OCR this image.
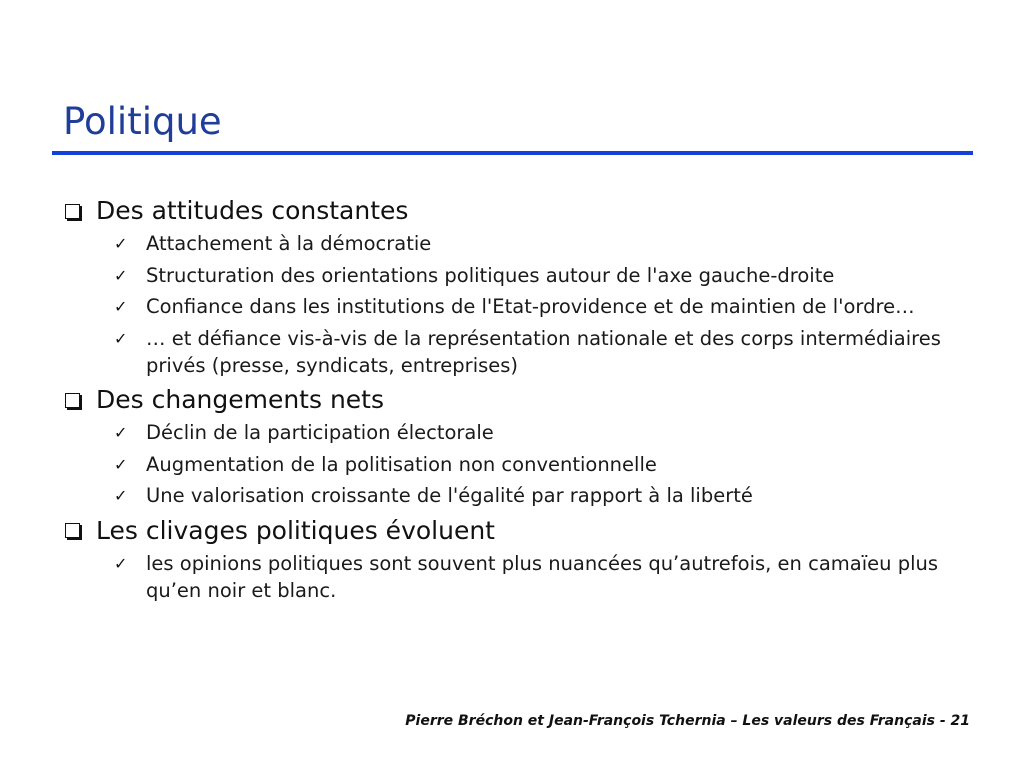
Politique
Des attitudes constantes
✓ Attachement à la démocratie
✓ Structuration des orientations politiques autour de l'axe gauche-droite
✓ Confiance dans les institutions de l'Etat-providence et de maintien de l'ordre…
✓ … et défiance vis-à-vis de la représentation nationale et des corps intermédiaires privés (presse, syndicats, entreprises)
Des changements nets
✓ Déclin de la participation électorale
✓ Augmentation de la politisation non conventionnelle
✓ Une valorisation croissante de l'égalité par rapport à la liberté
Les clivages politiques évoluent
✓ les opinions politiques sont souvent plus nuancées qu’autrefois, en camaïeu plus qu’en noir et blanc.
Pierre Bréchon et Jean-François Tchernia – Les valeurs des Français - 21
